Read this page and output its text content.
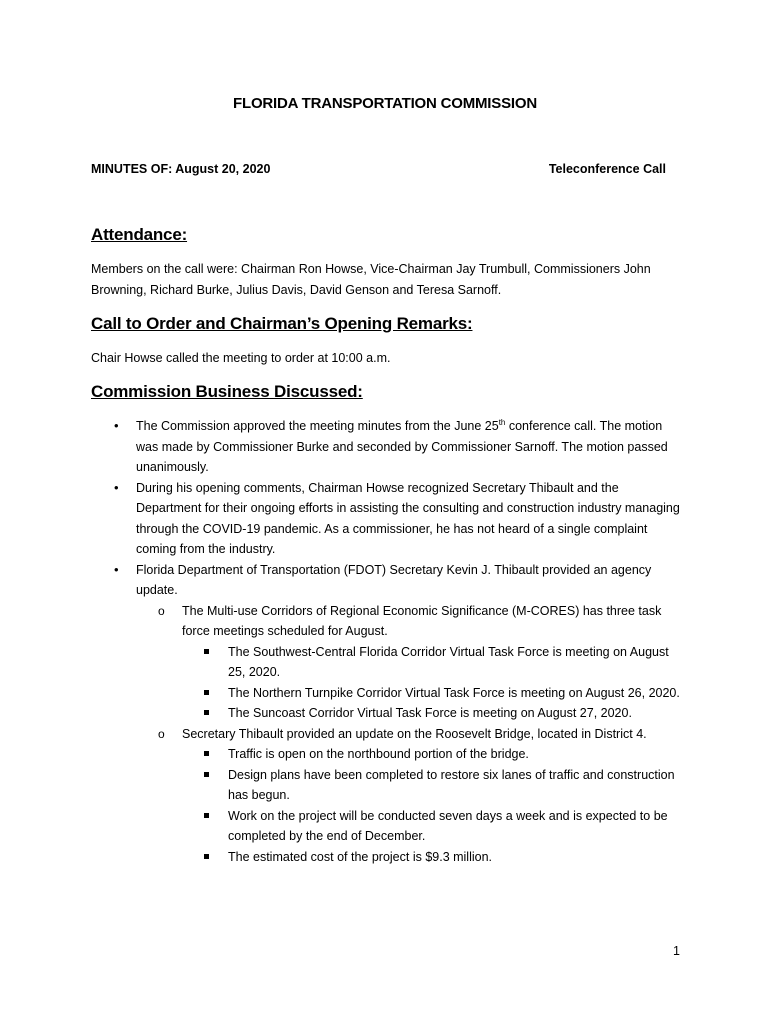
FLORIDA TRANSPORTATION COMMISSION
MINUTES OF: August 20, 2020	Teleconference Call
Attendance:

Members on the call were: Chairman Ron Howse, Vice-Chairman Jay Trumbull, Commissioners John Browning, Richard Burke, Julius Davis, David Genson and Teresa Sarnoff.

Call to Order and Chairman’s Opening Remarks:

Chair Howse called the meeting to order at 10:00 a.m.

Commission Business Discussed:
• The Commission approved the meeting minutes from the June 25th conference call. The motion was made by Commissioner Burke and seconded by Commissioner Sarnoff. The motion passed unanimously.
• During his opening comments, Chairman Howse recognized Secretary Thibault and the Department for their ongoing efforts in assisting the consulting and construction industry managing through the COVID-19 pandemic. As a commissioner, he has not heard of a single complaint coming from the industry.
• Florida Department of Transportation (FDOT) Secretary Kevin J. Thibault provided an agency update.
o The Multi-use Corridors of Regional Economic Significance (M-CORES) has three task force meetings scheduled for August.
The Southwest-Central Florida Corridor Virtual Task Force is meeting on August 25, 2020.
The Northern Turnpike Corridor Virtual Task Force is meeting on August 26, 2020.
The Suncoast Corridor Virtual Task Force is meeting on August 27, 2020.
o Secretary Thibault provided an update on the Roosevelt Bridge, located in District 4.
Traffic is open on the northbound portion of the bridge.
Design plans have been completed to restore six lanes of traffic and construction has begun.
Work on the project will be conducted seven days a week and is expected to be completed by the end of December.
The estimated cost of the project is $9.3 million.
1
